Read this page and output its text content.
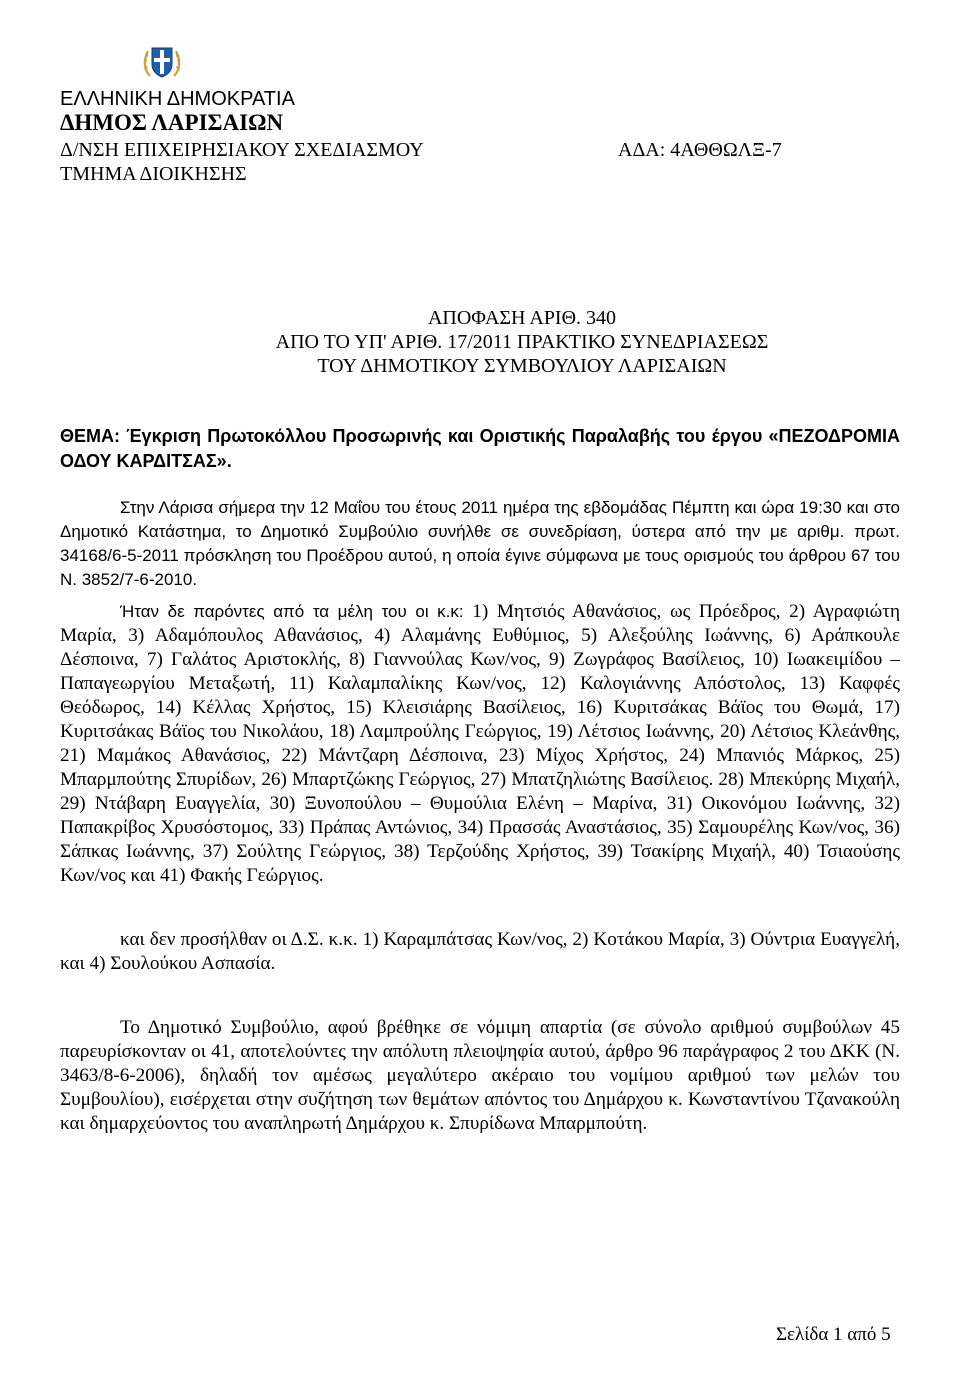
ΕΛΛΗΝΙΚΗ ΔΗΜΟΚΡΑΤΙΑ
ΔΗΜΟΣ ΛΑΡΙΣΑΙΩΝ
Δ/ΝΣΗ ΕΠΙΧΕΙΡΗΣΙΑΚΟΥ ΣΧΕΔΙΑΣΜΟΥ
ΤΜΗΜΑ ΔΙΟΙΚΗΣΗΣ
ΑΔΑ: 4ΑΘΘΩΛΞ-7
ΑΠΟΦΑΣΗ ΑΡΙΘ. 340
ΑΠΟ ΤΟ ΥΠ' ΑΡΙΘ. 17/2011 ΠΡΑΚΤΙΚΟ ΣΥΝΕΔΡΙΑΣΕΩΣ
ΤΟΥ ΔΗΜΟΤΙΚΟΥ ΣΥΜΒΟΥΛΙΟΥ ΛΑΡΙΣΑΙΩΝ
ΘΕΜΑ: Έγκριση Πρωτοκόλλου Προσωρινής και Οριστικής Παραλαβής του έργου «ΠΕΖΟΔΡΟΜΙΑ ΟΔΟΥ ΚΑΡΔΙΤΣΑΣ».
Στην Λάρισα σήμερα την 12 Μαΐου του έτους 2011 ημέρα της εβδομάδας Πέμπτη και ώρα 19:30 και στο Δημοτικό Κατάστημα, το Δημοτικό Συμβούλιο συνήλθε σε συνεδρίαση, ύστερα από την με αριθμ. πρωτ. 34168/6-5-2011 πρόσκληση του Προέδρου αυτού, η οποία έγινε σύμφωνα με τους ορισμούς του άρθρου 67 του Ν. 3852/7-6-2010.
Ήταν δε παρόντες από τα μέλη του οι κ.κ: 1) Μητσιός Αθανάσιος, ως Πρόεδρος, 2) Αγραφιώτη Μαρία, 3) Αδαμόπουλος Αθανάσιος, 4) Αλαμάνης Ευθύμιος, 5) Αλεξούλης Ιωάννης, 6) Αράπκουλε Δέσποινα, 7) Γαλάτος Αριστοκλής, 8) Γιαννούλας Κων/νος, 9) Ζωγράφος Βασίλειος, 10) Ιωακειμίδου – Παπαγεωργίου Μεταξωτή, 11) Καλαμπαλίκης Κων/νος, 12) Καλογιάννης Απόστολος, 13) Καφφές Θεόδωρος, 14) Κέλλας Χρήστος, 15) Κλεισιάρης Βασίλειος, 16) Κυριτσάκας Βάϊος του Θωμά, 17) Κυριτσάκας Βάϊος του Νικολάου, 18) Λαμπρούλης Γεώργιος, 19) Λέτσιος Ιωάννης, 20) Λέτσιος Κλεάνθης, 21) Μαμάκος Αθανάσιος, 22) Μάντζαρη Δέσποινα, 23) Μίχος Χρήστος, 24) Μπανιός Μάρκος, 25) Μπαρμπούτης Σπυρίδων, 26) Μπαρτζώκης Γεώργιος, 27) Μπατζηλιώτης Βασίλειος. 28) Μπεκύρης Μιχαήλ, 29) Ντάβαρη Ευαγγελία, 30) Ξυνοπούλου – Θυμούλια Ελένη – Μαρίνα, 31) Οικονόμου Ιωάννης, 32) Παπακρίβος Χρυσόστομος, 33) Πράπας Αντώνιος, 34) Πρασσάς Αναστάσιος, 35) Σαμουρέλης Κων/νος, 36) Σάπκας Ιωάννης, 37) Σούλτης Γεώργιος, 38) Τερζούδης Χρήστος, 39) Τσακίρης Μιχαήλ, 40) Τσιαούσης Κων/νος και 41) Φακής Γεώργιος.
και δεν προσήλθαν οι Δ.Σ. κ.κ. 1) Καραμπάτσας Κων/νος, 2) Κοτάκου Μαρία, 3) Ούντρια Ευαγγελή, και 4) Σουλούκου Ασπασία.
Το Δημοτικό Συμβούλιο, αφού βρέθηκε σε νόμιμη απαρτία (σε σύνολο αριθμού συμβούλων 45 παρευρίσκονταν οι 41, αποτελούντες την απόλυτη πλειοψηφία αυτού, άρθρο 96 παράγραφος 2 του ΔΚΚ (Ν. 3463/8-6-2006), δηλαδή τον αμέσως μεγαλύτερο ακέραιο του νομίμου αριθμού των μελών του Συμβουλίου), εισέρχεται στην συζήτηση των θεμάτων απόντος του Δημάρχου κ. Κωνσταντίνου Τζανακούλη και δημαρχεύοντος του αναπληρωτή Δημάρχου κ. Σπυρίδωνα Μπαρμπούτη.
Σελίδα 1 από 5
